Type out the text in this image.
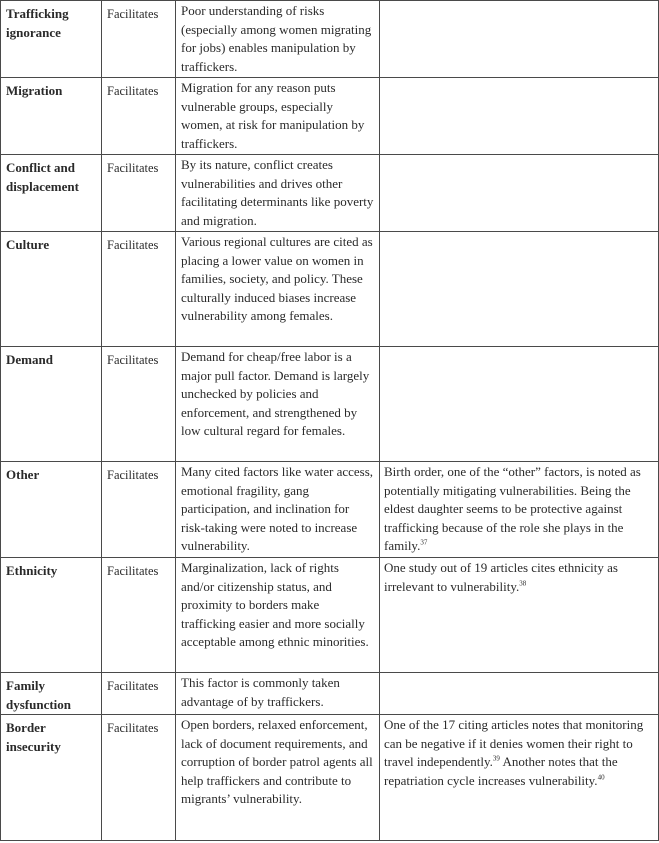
Trafficking ignorance	Facilitates	Poor understanding of risks (especially among women migrating for jobs) enables manipulation by traffickers.	
Migration	Facilitates	Migration for any reason puts vulnerable groups, especially women, at risk for manipulation by traffickers.	
Conflict and displacement	Facilitates	By its nature, conflict creates vulnerabilities and drives other facilitating determinants like poverty and migration.	
Culture	Facilitates	Various regional cultures are cited as placing a lower value on women in families, society, and policy. These culturally induced biases increase vulnerability among females.	
Demand	Facilitates	Demand for cheap/free labor is a major pull factor. Demand is largely unchecked by policies and enforcement, and strengthened by low cultural regard for females.	
Other	Facilitates	Many cited factors like water access, emotional fragility, gang participation, and inclination for risk-taking were noted to increase vulnerability.	Birth order, one of the “other” factors, is noted as potentially mitigating vulnerabilities. Being the eldest daughter seems to be protective against trafficking because of the role she plays in the family.$^{37}$
Ethnicity	Facilitates	Marginalization, lack of rights and/or citizenship status, and proximity to borders make trafficking easier and more socially acceptable among ethnic minorities.	One study out of 19 articles cites ethnicity as irrelevant to vulnerability.$^{38}$
Family dysfunction	Facilitates	This factor is commonly taken advantage of by traffickers.	
Border insecurity	Facilitates	Open borders, relaxed enforcement, lack of document requirements, and corruption of border patrol agents all help traffickers and contribute to migrants’ vulnerability.	One of the 17 citing articles notes that monitoring can be negative if it denies women their right to travel independently.$^{39}$ Another notes that the repatriation cycle increases vulnerability.$^{40}$
